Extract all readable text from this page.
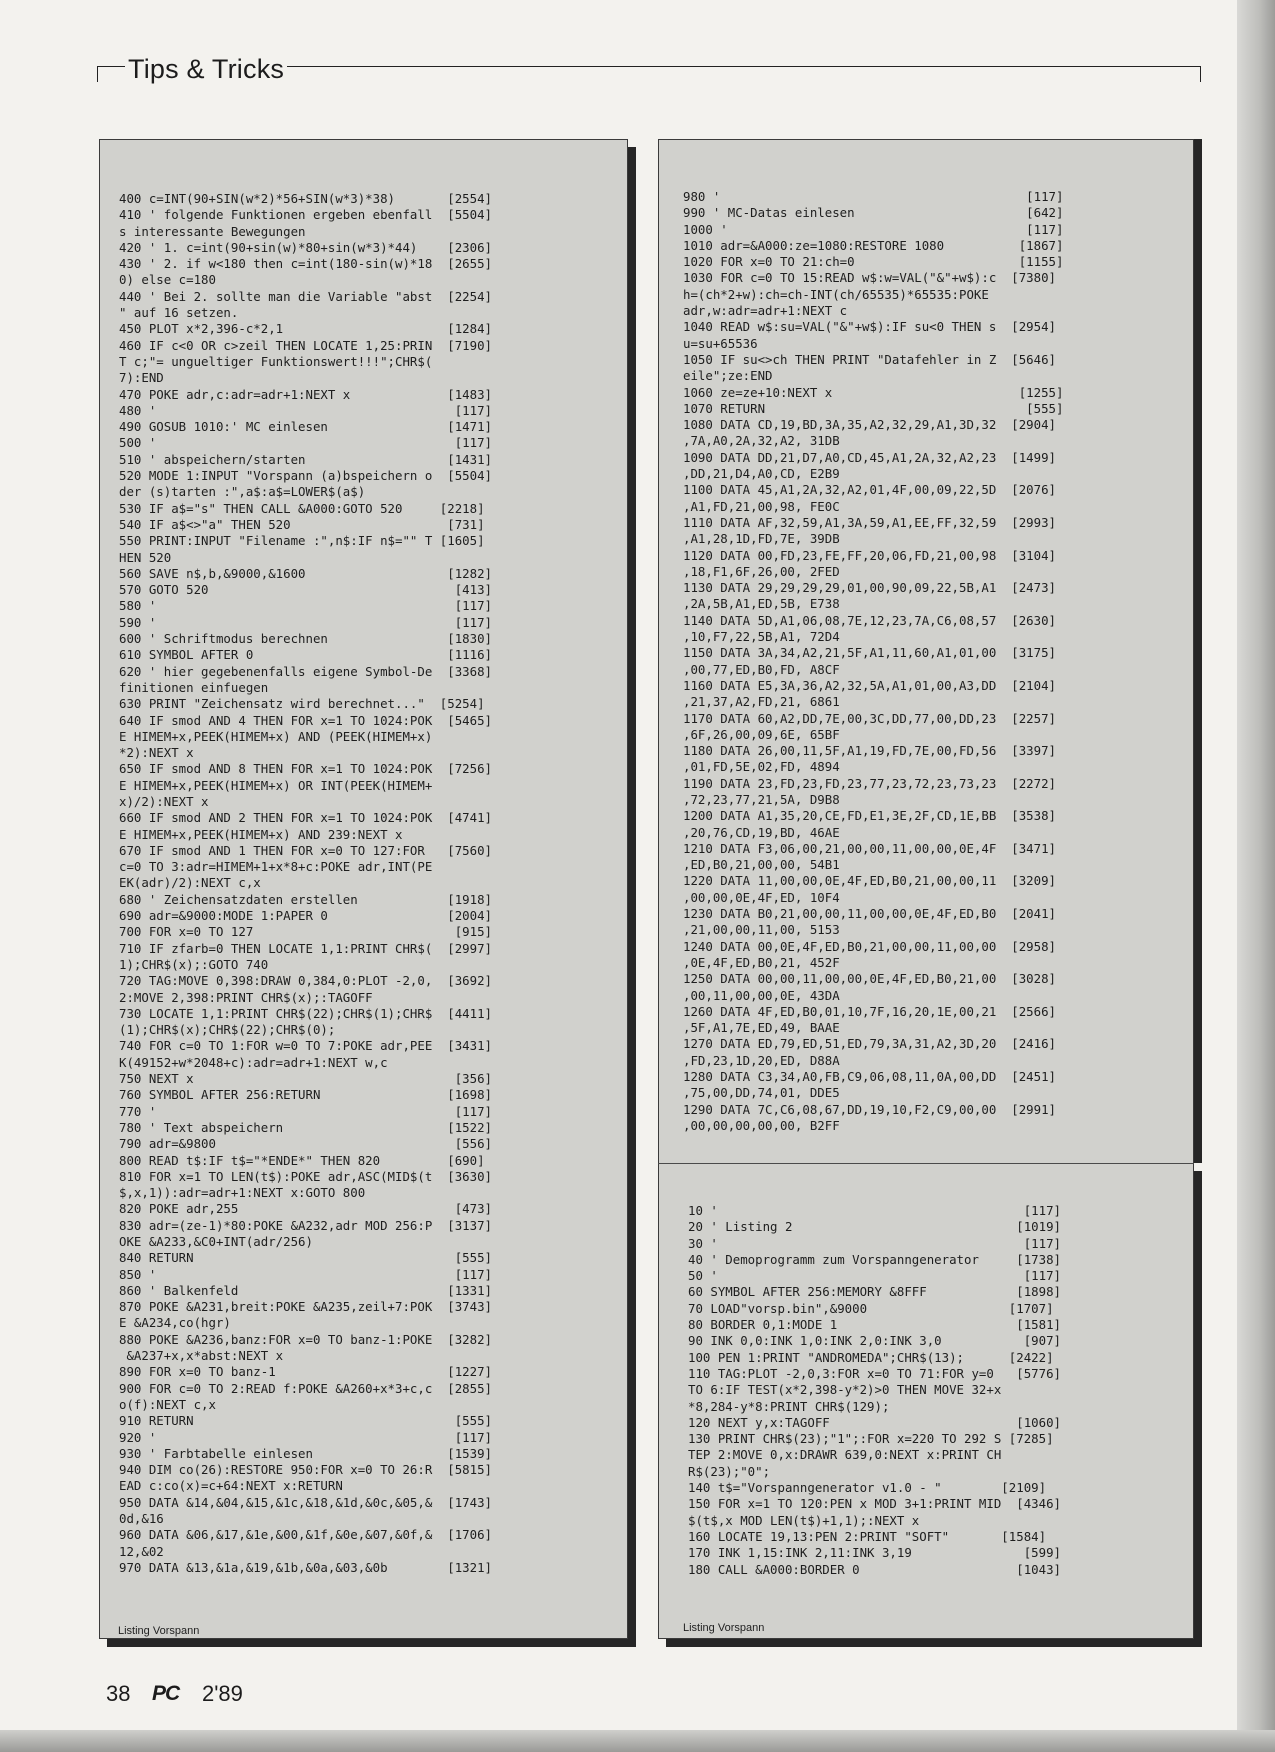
Tips & Tricks
400 c=INT(90+SIN(w*2)*56+SIN(w*3)*38)       [2554]
410 ' folgende Funktionen ergeben ebenfall  [5504]
s interessante Bewegungen
420 ' 1. c=int(90+sin(w)*80+sin(w*3)*44)    [2306]
430 ' 2. if w<180 then c=int(180-sin(w)*18  [2655]
0) else c=180
440 ' Bei 2. sollte man die Variable "abst  [2254]
" auf 16 setzen.
450 PLOT x*2,396-c*2,1                      [1284]
460 IF c<0 OR c>zeil THEN LOCATE 1,25:PRIN  [7190]
T c;"= ungueltiger Funktionswert!!!";CHR$(
7):END
470 POKE adr,c:adr=adr+1:NEXT x             [1483]
480 '                                        [117]
490 GOSUB 1010:' MC einlesen                [1471]
500 '                                        [117]
510 ' abspeichern/starten                   [1431]
520 MODE 1:INPUT "Vorspann (a)bspeichern o  [5504]
der (s)tarten :",a$:a$=LOWER$(a$)
530 IF a$="s" THEN CALL &A000:GOTO 520     [2218]
540 IF a$<>"a" THEN 520                     [731]
550 PRINT:INPUT "Filename :",n$:IF n$="" T [1605]
HEN 520
560 SAVE n$,b,&9000,&1600                   [1282]
570 GOTO 520                                 [413]
580 '                                        [117]
590 '                                        [117]
600 ' Schriftmodus berechnen                [1830]
610 SYMBOL AFTER 0                          [1116]
620 ' hier gegebenenfalls eigene Symbol-De  [3368]
finitionen einfuegen
630 PRINT "Zeichensatz wird berechnet..."  [5254]
640 IF smod AND 4 THEN FOR x=1 TO 1024:POK  [5465]
E HIMEM+x,PEEK(HIMEM+x) AND (PEEK(HIMEM+x)
*2):NEXT x
650 IF smod AND 8 THEN FOR x=1 TO 1024:POK  [7256]
E HIMEM+x,PEEK(HIMEM+x) OR INT(PEEK(HIMEM+
x)/2):NEXT x
660 IF smod AND 2 THEN FOR x=1 TO 1024:POK  [4741]
E HIMEM+x,PEEK(HIMEM+x) AND 239:NEXT x
670 IF smod AND 1 THEN FOR x=0 TO 127:FOR   [7560]
c=0 TO 3:adr=HIMEM+1+x*8+c:POKE adr,INT(PE
EK(adr)/2):NEXT c,x
680 ' Zeichensatzdaten erstellen            [1918]
690 adr=&9000:MODE 1:PAPER 0                [2004]
700 FOR x=0 TO 127                           [915]
710 IF zfarb=0 THEN LOCATE 1,1:PRINT CHR$(  [2997]
1);CHR$(x);:GOTO 740
720 TAG:MOVE 0,398:DRAW 0,384,0:PLOT -2,0,  [3692]
2:MOVE 2,398:PRINT CHR$(x);:TAGOFF
730 LOCATE 1,1:PRINT CHR$(22);CHR$(1);CHR$  [4411]
(1);CHR$(x);CHR$(22);CHR$(0);
740 FOR c=0 TO 1:FOR w=0 TO 7:POKE adr,PEE  [3431]
K(49152+w*2048+c):adr=adr+1:NEXT w,c
750 NEXT x                                   [356]
760 SYMBOL AFTER 256:RETURN                 [1698]
770 '                                        [117]
780 ' Text abspeichern                      [1522]
790 adr=&9800                                [556]
800 READ t$:IF t$="*ENDE*" THEN 820         [690]
810 FOR x=1 TO LEN(t$):POKE adr,ASC(MID$(t  [3630]
$,x,1)):adr=adr+1:NEXT x:GOTO 800
820 POKE adr,255                             [473]
830 adr=(ze-1)*80:POKE &A232,adr MOD 256:P  [3137]
OKE &A233,&C0+INT(adr/256)
840 RETURN                                   [555]
850 '                                        [117]
860 ' Balkenfeld                            [1331]
870 POKE &A231,breit:POKE &A235,zeil+7:POK  [3743]
E &A234,co(hgr)
880 POKE &A236,banz:FOR x=0 TO banz-1:POKE  [3282]
&A237+x,x*abst:NEXT x
890 FOR x=0 TO banz-1                       [1227]
900 FOR c=0 TO 2:READ f:POKE &A260+x*3+c,c  [2855]
o(f):NEXT c,x
910 RETURN                                   [555]
920 '                                        [117]
930 ' Farbtabelle einlesen                  [1539]
940 DIM co(26):RESTORE 950:FOR x=0 TO 26:R  [5815]
EAD c:co(x)=c+64:NEXT x:RETURN
950 DATA &14,&04,&15,&1c,&18,&1d,&0c,&05,&  [1743]
0d,&16
960 DATA &06,&17,&1e,&00,&1f,&0e,&07,&0f,&  [1706]
12,&02
970 DATA &13,&1a,&19,&1b,&0a,&03,&0b        [1321]

980 '                                         [117]
990 ' MC-Datas einlesen                       [642]
1000 '                                        [117]
1010 adr=&A000:ze=1080:RESTORE 1080          [1867]
1020 FOR x=0 TO 21:ch=0                      [1155]
1030 FOR c=0 TO 15:READ w$:w=VAL("&"+w$):c  [7380]
h=(ch*2+w):ch=ch-INT(ch/65535)*65535:POKE
adr,w:adr=adr+1:NEXT c
1040 READ w$:su=VAL("&"+w$):IF su<0 THEN s  [2954]
u=su+65536
1050 IF su<>ch THEN PRINT "Datafehler in Z  [5646]
eile";ze:END
1060 ze=ze+10:NEXT x                         [1255]
1070 RETURN                                   [555]
1080 DATA CD,19,BD,3A,35,A2,32,29,A1,3D,32  [2904]
,7A,A0,2A,32,A2, 31DB
1090 DATA DD,21,D7,A0,CD,45,A1,2A,32,A2,23  [1499]
,DD,21,D4,A0,CD, E2B9
1100 DATA 45,A1,2A,32,A2,01,4F,00,09,22,5D  [2076]
,A1,FD,21,00,98, FE0C
1110 DATA AF,32,59,A1,3A,59,A1,EE,FF,32,59  [2993]
,A1,28,1D,FD,7E, 39DB
1120 DATA 00,FD,23,FE,FF,20,06,FD,21,00,98  [3104]
,18,F1,6F,26,00, 2FED
1130 DATA 29,29,29,29,01,00,90,09,22,5B,A1  [2473]
,2A,5B,A1,ED,5B, E738
1140 DATA 5D,A1,06,08,7E,12,23,7A,C6,08,57  [2630]
,10,F7,22,5B,A1, 72D4
1150 DATA 3A,34,A2,21,5F,A1,11,60,A1,01,00  [3175]
,00,77,ED,B0,FD, A8CF
1160 DATA E5,3A,36,A2,32,5A,A1,01,00,A3,DD  [2104]
,21,37,A2,FD,21, 6861
1170 DATA 60,A2,DD,7E,00,3C,DD,77,00,DD,23  [2257]
,6F,26,00,09,6E, 65BF
1180 DATA 26,00,11,5F,A1,19,FD,7E,00,FD,56  [3397]
,01,FD,5E,02,FD, 4894
1190 DATA 23,FD,23,FD,23,77,23,72,23,73,23  [2272]
,72,23,77,21,5A, D9B8
1200 DATA A1,35,20,CE,FD,E1,3E,2F,CD,1E,BB  [3538]
,20,76,CD,19,BD, 46AE
1210 DATA F3,06,00,21,00,00,11,00,00,0E,4F  [3471]
,ED,B0,21,00,00, 54B1
1220 DATA 11,00,00,0E,4F,ED,B0,21,00,00,11  [3209]
,00,00,0E,4F,ED, 10F4
1230 DATA B0,21,00,00,11,00,00,0E,4F,ED,B0  [2041]
,21,00,00,11,00, 5153
1240 DATA 00,0E,4F,ED,B0,21,00,00,11,00,00  [2958]
,0E,4F,ED,B0,21, 452F
1250 DATA 00,00,11,00,00,0E,4F,ED,B0,21,00  [3028]
,00,11,00,00,0E, 43DA
1260 DATA 4F,ED,B0,01,10,7F,16,20,1E,00,21  [2566]
,5F,A1,7E,ED,49, BAAE
1270 DATA ED,79,ED,51,ED,79,3A,31,A2,3D,20  [2416]
,FD,23,1D,20,ED, D88A
1280 DATA C3,34,A0,FB,C9,06,08,11,0A,00,DD  [2451]
,75,00,DD,74,01, DDE5
1290 DATA 7C,C6,08,67,DD,19,10,F2,C9,00,00  [2991]
,00,00,00,00,00, B2FF

10 '                                         [117]
20 ' Listing 2                              [1019]
30 '                                         [117]
40 ' Demoprogramm zum Vorspanngenerator     [1738]
50 '                                         [117]
60 SYMBOL AFTER 256:MEMORY &8FFF            [1898]
70 LOAD"vorsp.bin",&9000                   [1707]
80 BORDER 0,1:MODE 1                        [1581]
90 INK 0,0:INK 1,0:INK 2,0:INK 3,0           [907]
100 PEN 1:PRINT "ANDROMEDA";CHR$(13);      [2422]
110 TAG:PLOT -2,0,3:FOR x=0 TO 71:FOR y=0   [5776]
TO 6:IF TEST(x*2,398-y*2)>0 THEN MOVE 32+x
*8,284-y*8:PRINT CHR$(129);
120 NEXT y,x:TAGOFF                         [1060]
130 PRINT CHR$(23);"1";:FOR x=220 TO 292 S [7285]
TEP 2:MOVE 0,x:DRAWR 639,0:NEXT x:PRINT CH
R$(23);"0";
140 t$="Vorspanngenerator v1.0 - "        [2109]
150 FOR x=1 TO 120:PEN x MOD 3+1:PRINT MID  [4346]
$(t$,x MOD LEN(t$)+1,1);:NEXT x
160 LOCATE 19,13:PEN 2:PRINT "SOFT"       [1584]
170 INK 1,15:INK 2,11:INK 3,19               [599]
180 CALL &A000:BORDER 0                     [1043]

Listing Vorspann	Listing Vorspann
38 PC 2'89
